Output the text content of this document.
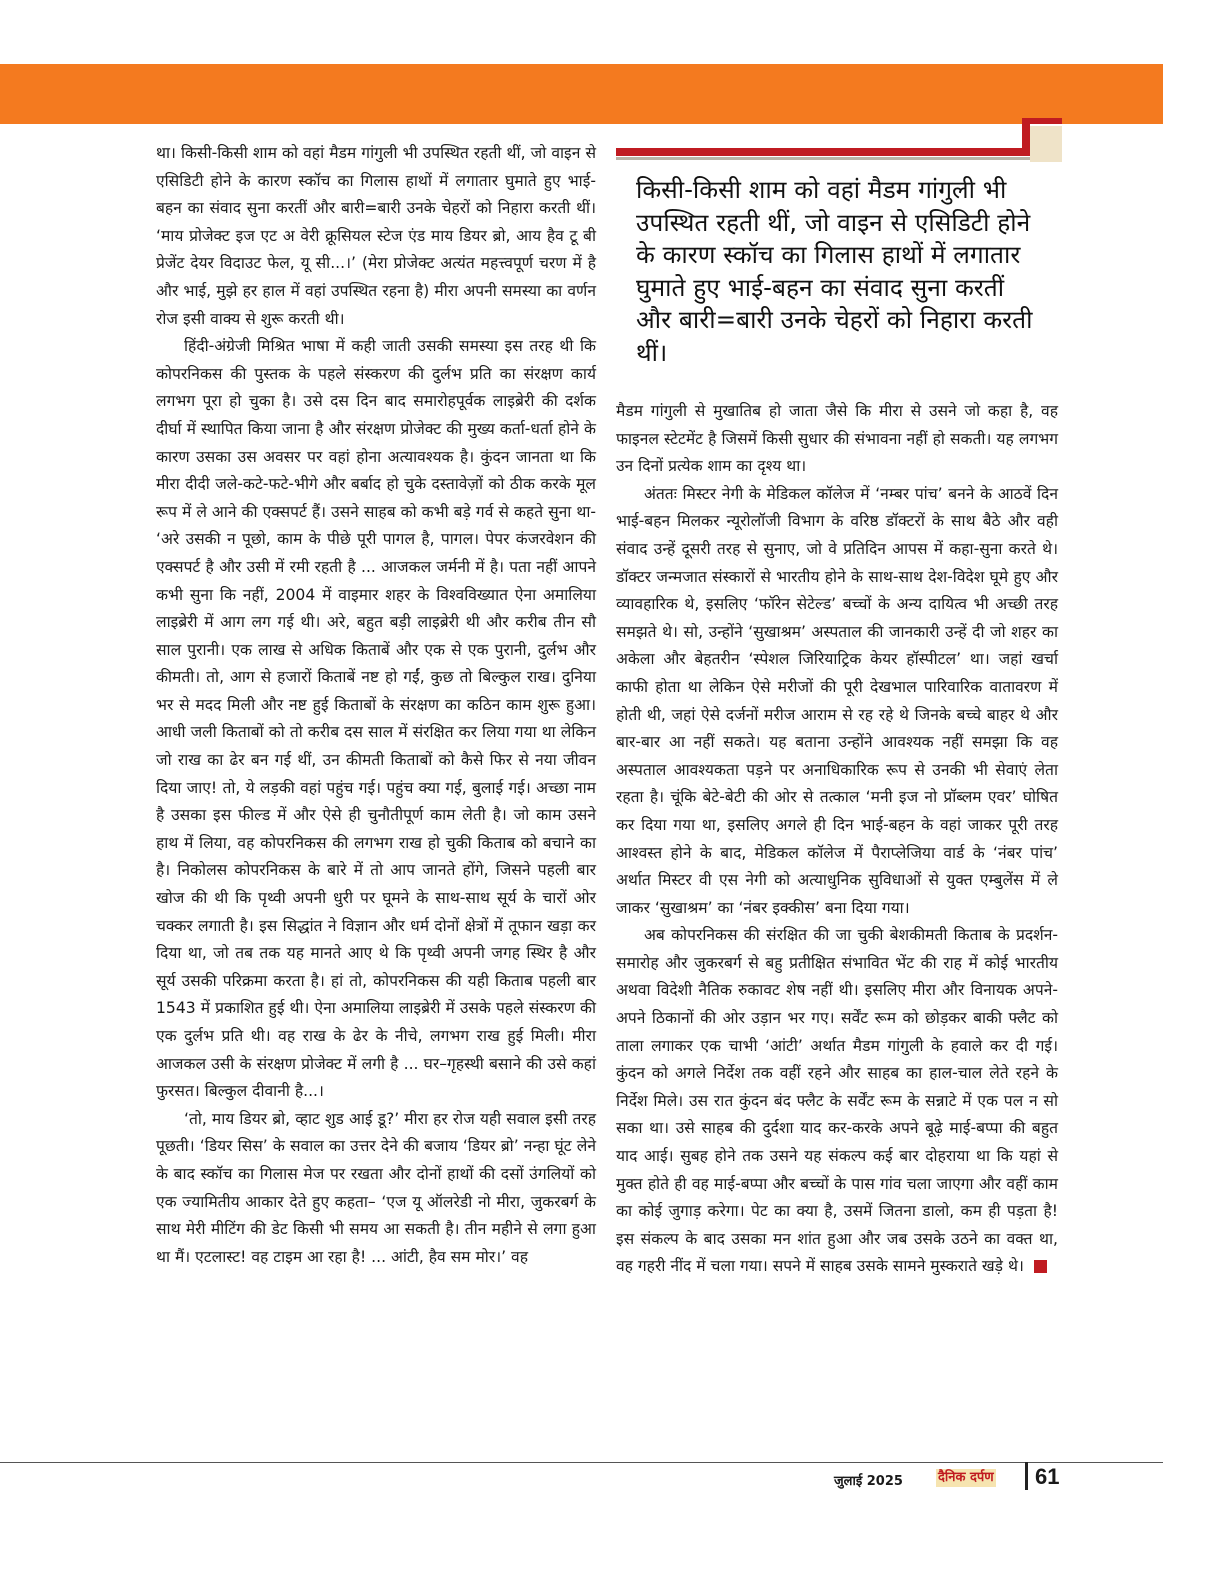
था। किसी-किसी शाम को वहां मैडम गांगुली भी उपस्थित रहती थीं, जो वाइन से एसिडिटी होने के कारण स्कॉच का गिलास हाथों में लगातार घुमाते हुए भाई-बहन का संवाद सुना करतीं और बारी=बारी उनके चेहरों को निहारा करती थीं। ‘माय प्रोजेक्ट इज एट अ वेरी क्रूसियल स्टेज एंड माय डियर ब्रो, आय हैव टू बी प्रेजेंट देयर विदाउट फेल, यू सी...।’ (मेरा प्रोजेक्ट अत्यंत महत्त्वपूर्ण चरण में है और भाई, मुझे हर हाल में वहां उपस्थित रहना है) मीरा अपनी समस्या का वर्णन रोज इसी वाक्य से शुरू करती थी।

हिंदी-अंग्रेजी मिश्रित भाषा में कही जाती उसकी समस्या इस तरह थी कि कोपरनिकस की पुस्तक के पहले संस्करण की दुर्लभ प्रति का संरक्षण कार्य लगभग पूरा हो चुका है। उसे दस दिन बाद समारोहपूर्वक लाइब्रेरी की दर्शक दीर्घा में स्थापित किया जाना है और संरक्षण प्रोजेक्ट की मुख्य कर्ता-धर्ता होने के कारण उसका उस अवसर पर वहां होना अत्यावश्यक है। कुंदन जानता था कि मीरा दीदी जले-कटे-फटे-भीगे और बर्बाद हो चुके दस्तावेज़ों को ठीक करके मूल रूप में ले आने की एक्सपर्ट हैं। उसने साहब को कभी बड़े गर्व से कहते सुना था- ‘अरे उसकी न पूछो, काम के पीछे पूरी पागल है, पागल। पेपर कंजरवेशन की एक्सपर्ट है और उसी में रमी रहती है ... आजकल जर्मनी में है। पता नहीं आपने कभी सुना कि नहीं, 2004 में वाइमार शहर के विश्वविख्यात ऐना अमालिया लाइब्रेरी में आग लग गई थी। अरे, बहुत बड़ी लाइब्रेरी थी और करीब तीन सौ साल पुरानी। एक लाख से अधिक किताबें और एक से एक पुरानी, दुर्लभ और कीमती। तो, आग से हजारों किताबें नष्ट हो गईं, कुछ तो बिल्कुल राख। दुनिया भर से मदद मिली और नष्ट हुई किताबों के संरक्षण का कठिन काम शुरू हुआ। आधी जली किताबों को तो करीब दस साल में संरक्षित कर लिया गया था लेकिन जो राख का ढेर बन गई थीं, उन कीमती किताबों को कैसे फिर से नया जीवन दिया जाए! तो, ये लड़की वहां पहुंच गई। पहुंच क्या गई, बुलाई गई। अच्छा नाम है उसका इस फील्ड में और ऐसे ही चुनौतीपूर्ण काम लेती है। जो काम उसने हाथ में लिया, वह कोपरनिकस की लगभग राख हो चुकी किताब को बचाने का है। निकोलस कोपरनिकस के बारे में तो आप जानते होंगे, जिसने पहली बार खोज की थी कि पृथ्वी अपनी धुरी पर घूमने के साथ-साथ सूर्य के चारों ओर चक्कर लगाती है। इस सिद्धांत ने विज्ञान और धर्म दोनों क्षेत्रों में तूफान खड़ा कर दिया था, जो तब तक यह मानते आए थे कि पृथ्वी अपनी जगह स्थिर है और सूर्य उसकी परिक्रमा करता है। हां तो, कोपरनिकस की यही किताब पहली बार 1543 में प्रकाशित हुई थी। ऐना अमालिया लाइब्रेरी में उसके पहले संस्करण की एक दुर्लभ प्रति थी। वह राख के ढेर के नीचे, लगभग राख हुई मिली। मीरा आजकल उसी के संरक्षण प्रोजेक्ट में लगी है ... घर–गृहस्थी बसाने की उसे कहां फुरसत। बिल्कुल दीवानी है...।

‘तो, माय डियर ब्रो, व्हाट शुड आई डू?’ मीरा हर रोज यही सवाल इसी तरह पूछती। ‘डियर सिस’ के सवाल का उत्तर देने की बजाय ‘डियर ब्रो’ नन्हा घूंट लेने के बाद स्कॉच का गिलास मेज पर रखता और दोनों हाथों की दसों उंगलियों को एक ज्यामितीय आकार देते हुए कहता– ‘एज यू ऑलरेडी नो मीरा, जुकरबर्ग के साथ मेरी मीटिंग की डेट किसी भी समय आ सकती है। तीन महीने से लगा हुआ था मैं। एटलास्ट! वह टाइम आ रहा है! ... आंटी, हैव सम मोर।’ वह

किसी-किसी शाम को वहां मैडम गांगुली भी उपस्थित रहती थीं, जो वाइन से एसिडिटी होने के कारण स्कॉच का गिलास हाथों में लगातार घुमाते हुए भाई-बहन का संवाद सुना करतीं और बारी=बारी उनके चेहरों को निहारा करती थीं।

मैडम गांगुली से मुखातिब हो जाता जैसे कि मीरा से उसने जो कहा है, वह फाइनल स्टेटमेंट है जिसमें किसी सुधार की संभावना नहीं हो सकती। यह लगभग उन दिनों प्रत्येक शाम का दृश्य था।

अंततः मिस्टर नेगी के मेडिकल कॉलेज में ‘नम्बर पांच’ बनने के आठवें दिन भाई-बहन मिलकर न्यूरोलॉजी विभाग के वरिष्ठ डॉक्टरों के साथ बैठे और वही संवाद उन्हें दूसरी तरह से सुनाए, जो वे प्रतिदिन आपस में कहा-सुना करते थे। डॉक्टर जन्मजात संस्कारों से भारतीय होने के साथ-साथ देश-विदेश घूमे हुए और व्यावहारिक थे, इसलिए ‘फॉरेन सेटेल्ड’ बच्चों के अन्य दायित्व भी अच्छी तरह समझते थे। सो, उन्होंने ‘सुखाश्रम’ अस्पताल की जानकारी उन्हें दी जो शहर का अकेला और बेहतरीन ‘स्पेशल जिरियाट्रिक केयर हॉस्पीटल’ था। जहां खर्चा काफी होता था लेकिन ऐसे मरीजों की पूरी देखभाल पारिवारिक वातावरण में होती थी, जहां ऐसे दर्जनों मरीज आराम से रह रहे थे जिनके बच्चे बाहर थे और बार-बार आ नहीं सकते। यह बताना उन्होंने आवश्यक नहीं समझा कि वह अस्पताल आवश्यकता पड़ने पर अनाधिकारिक रूप से उनकी भी सेवाएं लेता रहता है। चूंकि बेटे-बेटी की ओर से तत्काल ‘मनी इज नो प्रॉब्लम एवर’ घोषित कर दिया गया था, इसलिए अगले ही दिन भाई-बहन के वहां जाकर पूरी तरह आश्वस्त होने के बाद, मेडिकल कॉलेज में पैराप्लेजिया वार्ड के ‘नंबर पांच’ अर्थात मिस्टर वी एस नेगी को अत्याधुनिक सुविधाओं से युक्त एम्बुलेंस में ले जाकर ‘सुखाश्रम’ का ‘नंबर इक्कीस’ बना दिया गया।

अब कोपरनिकस की संरक्षित की जा चुकी बेशकीमती किताब के प्रदर्शन-समारोह और जुकरबर्ग से बहु प्रतीक्षित संभावित भेंट की राह में कोई भारतीय अथवा विदेशी नैतिक रुकावट शेष नहीं थी। इसलिए मीरा और विनायक अपने-अपने ठिकानों की ओर उड़ान भर गए। सर्वेंट रूम को छोड़कर बाकी फ्लैट को ताला लगाकर एक चाभी ‘आंटी’ अर्थात मैडम गांगुली के हवाले कर दी गई। कुंदन को अगले निर्देश तक वहीं रहने और साहब का हाल-चाल लेते रहने के निर्देश मिले। उस रात कुंदन बंद फ्लैट के सर्वेंट रूम के सन्नाटे में एक पल न सो सका था। उसे साहब की दुर्दशा याद कर-करके अपने बूढ़े माई-बप्पा की बहुत याद आई। सुबह होने तक उसने यह संकल्प कई बार दोहराया था कि यहां से मुक्त होते ही वह माई-बप्पा और बच्चों के पास गांव चला जाएगा और वहीं काम का कोई जुगाड़ करेगा। पेट का क्या है, उसमें जितना डालो, कम ही पड़ता है! इस संकल्प के बाद उसका मन शांत हुआ और जब उसके उठने का वक्त था, वह गहरी नींद में चला गया। सपने में साहब उसके सामने मुस्कराते खड़े थे।

जुलाई 2025	दैनिक दर्पण 61
